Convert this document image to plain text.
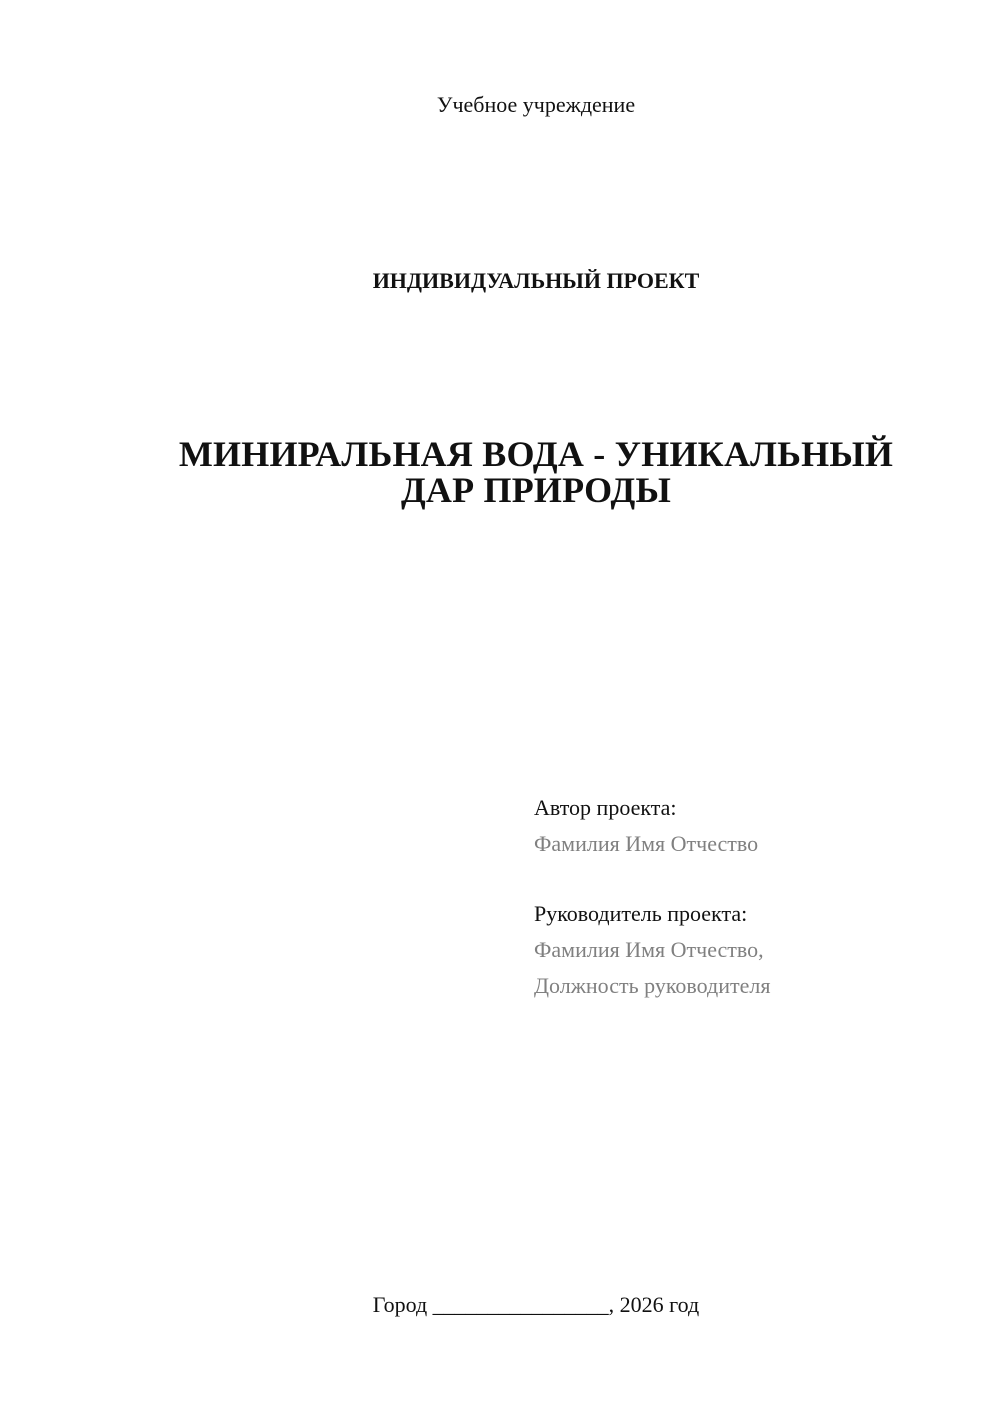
Учебное учреждение
ИНДИВИДУАЛЬНЫЙ ПРОЕКТ
МИНИРАЛЬНАЯ ВОДА - УНИКАЛЬНЫЙ
ДАР ПРИРОДЫ
Автор проекта:
Фамилия Имя Отчество
Руководитель проекта:
Фамилия Имя Отчество,
Должность руководителя
Город ________________, 2026 год
